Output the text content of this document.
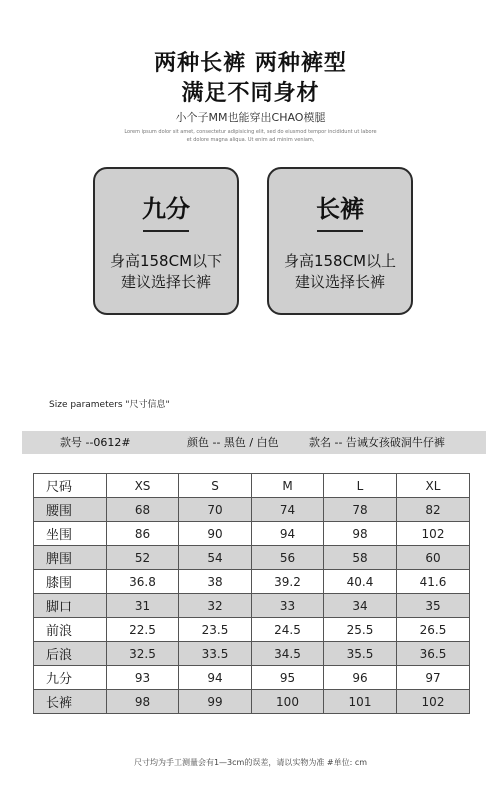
两种长裤 两种裤型
满足不同身材
小个子MM也能穿出CHAO模腿
Lorem ipsum dolor sit amet, consectetur adipisicing elit, sed do eiusmod tempor incididunt ut labore
et dolore magna aliqua. Ut enim ad minim veniam,
九分
身高158CM以下
建议选择长裤
长裤
身高158CM以上
建议选择长裤
Size parameters "尺寸信息"
款号 --0612#	颜色 -- 黑色 / 白色	款名 -- 告诫女孩破洞牛仔裤
尺码	XS	S	M	L	XL
腰围	68	70	74	78	82
坐围	86	90	94	98	102
脾围	52	54	56	58	60
膝围	36.8	38	39.2	40.4	41.6
脚口	31	32	33	34	35
前浪	22.5	23.5	24.5	25.5	26.5
后浪	32.5	33.5	34.5	35.5	36.5
九分	93	94	95	96	97
长裤	98	99	100	101	102
尺寸均为手工测量会有1—3cm的误差，请以实物为准 #单位: cm
